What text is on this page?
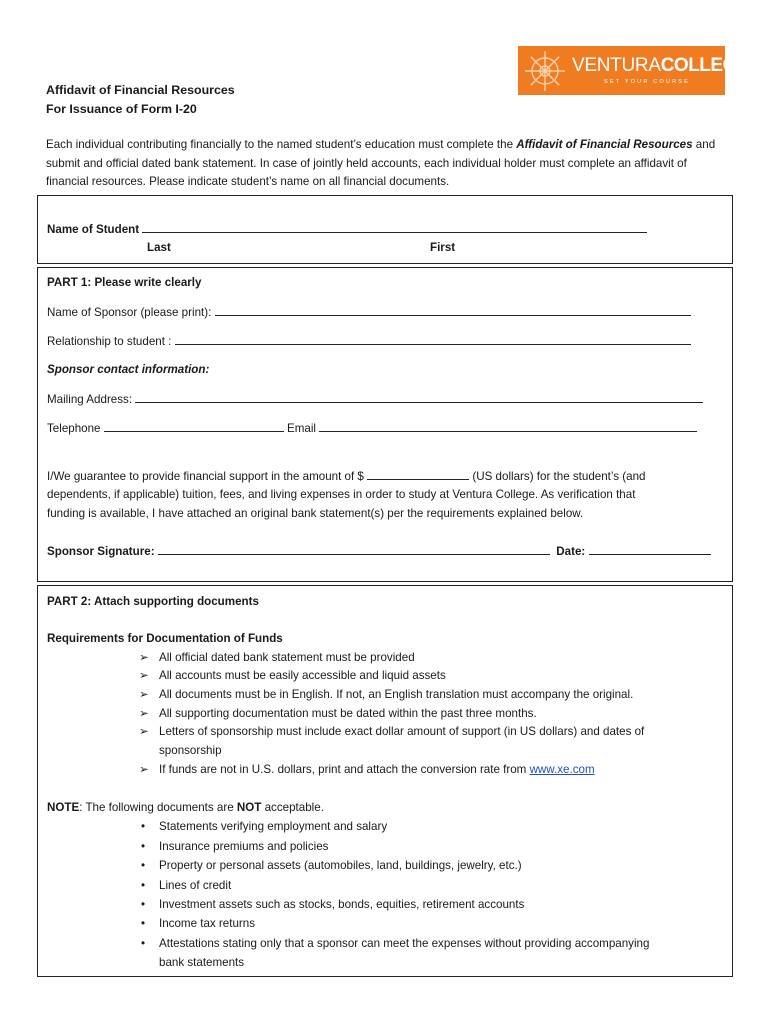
VENTURACOLLEGE
SET YOUR COURSE
Affidavit of Financial Resources
For Issuance of Form I-20
Each individual contributing financially to the named student’s education must complete the Affidavit of Financial Resources and submit and official dated bank statement. In case of jointly held accounts, each individual holder must complete an affidavit of financial resources. Please indicate student’s name on all financial documents.
Name of Student
Last	First
PART 1: Please write clearly
Name of Sponsor (please print):
Relationship to student :
Sponsor contact information:
Mailing Address:
Telephone	Email
I/We guarantee to provide financial support in the amount of $	(US dollars) for the student’s (and
dependents, if applicable) tuition, fees, and living expenses in order to study at Ventura College. As verification that
funding is available, I have attached an original bank statement(s) per the requirements explained below.
Sponsor Signature:	Date:
PART 2: Attach supporting documents
Requirements for Documentation of Funds
➢ All official dated bank statement must be provided
➢ All accounts must be easily accessible and liquid assets
➢ All documents must be in English. If not, an English translation must accompany the original.
➢ All supporting documentation must be dated within the past three months.
➢ Letters of sponsorship must include exact dollar amount of support (in US dollars) and dates of
sponsorship
➢ If funds are not in U.S. dollars, print and attach the conversion rate from www.xe.com
NOTE: The following documents are NOT acceptable.
• Statements verifying employment and salary
• Insurance premiums and policies
• Property or personal assets (automobiles, land, buildings, jewelry, etc.)
• Lines of credit
• Investment assets such as stocks, bonds, equities, retirement accounts
• Income tax returns
• Attestations stating only that a sponsor can meet the expenses without providing accompanying
bank statements
